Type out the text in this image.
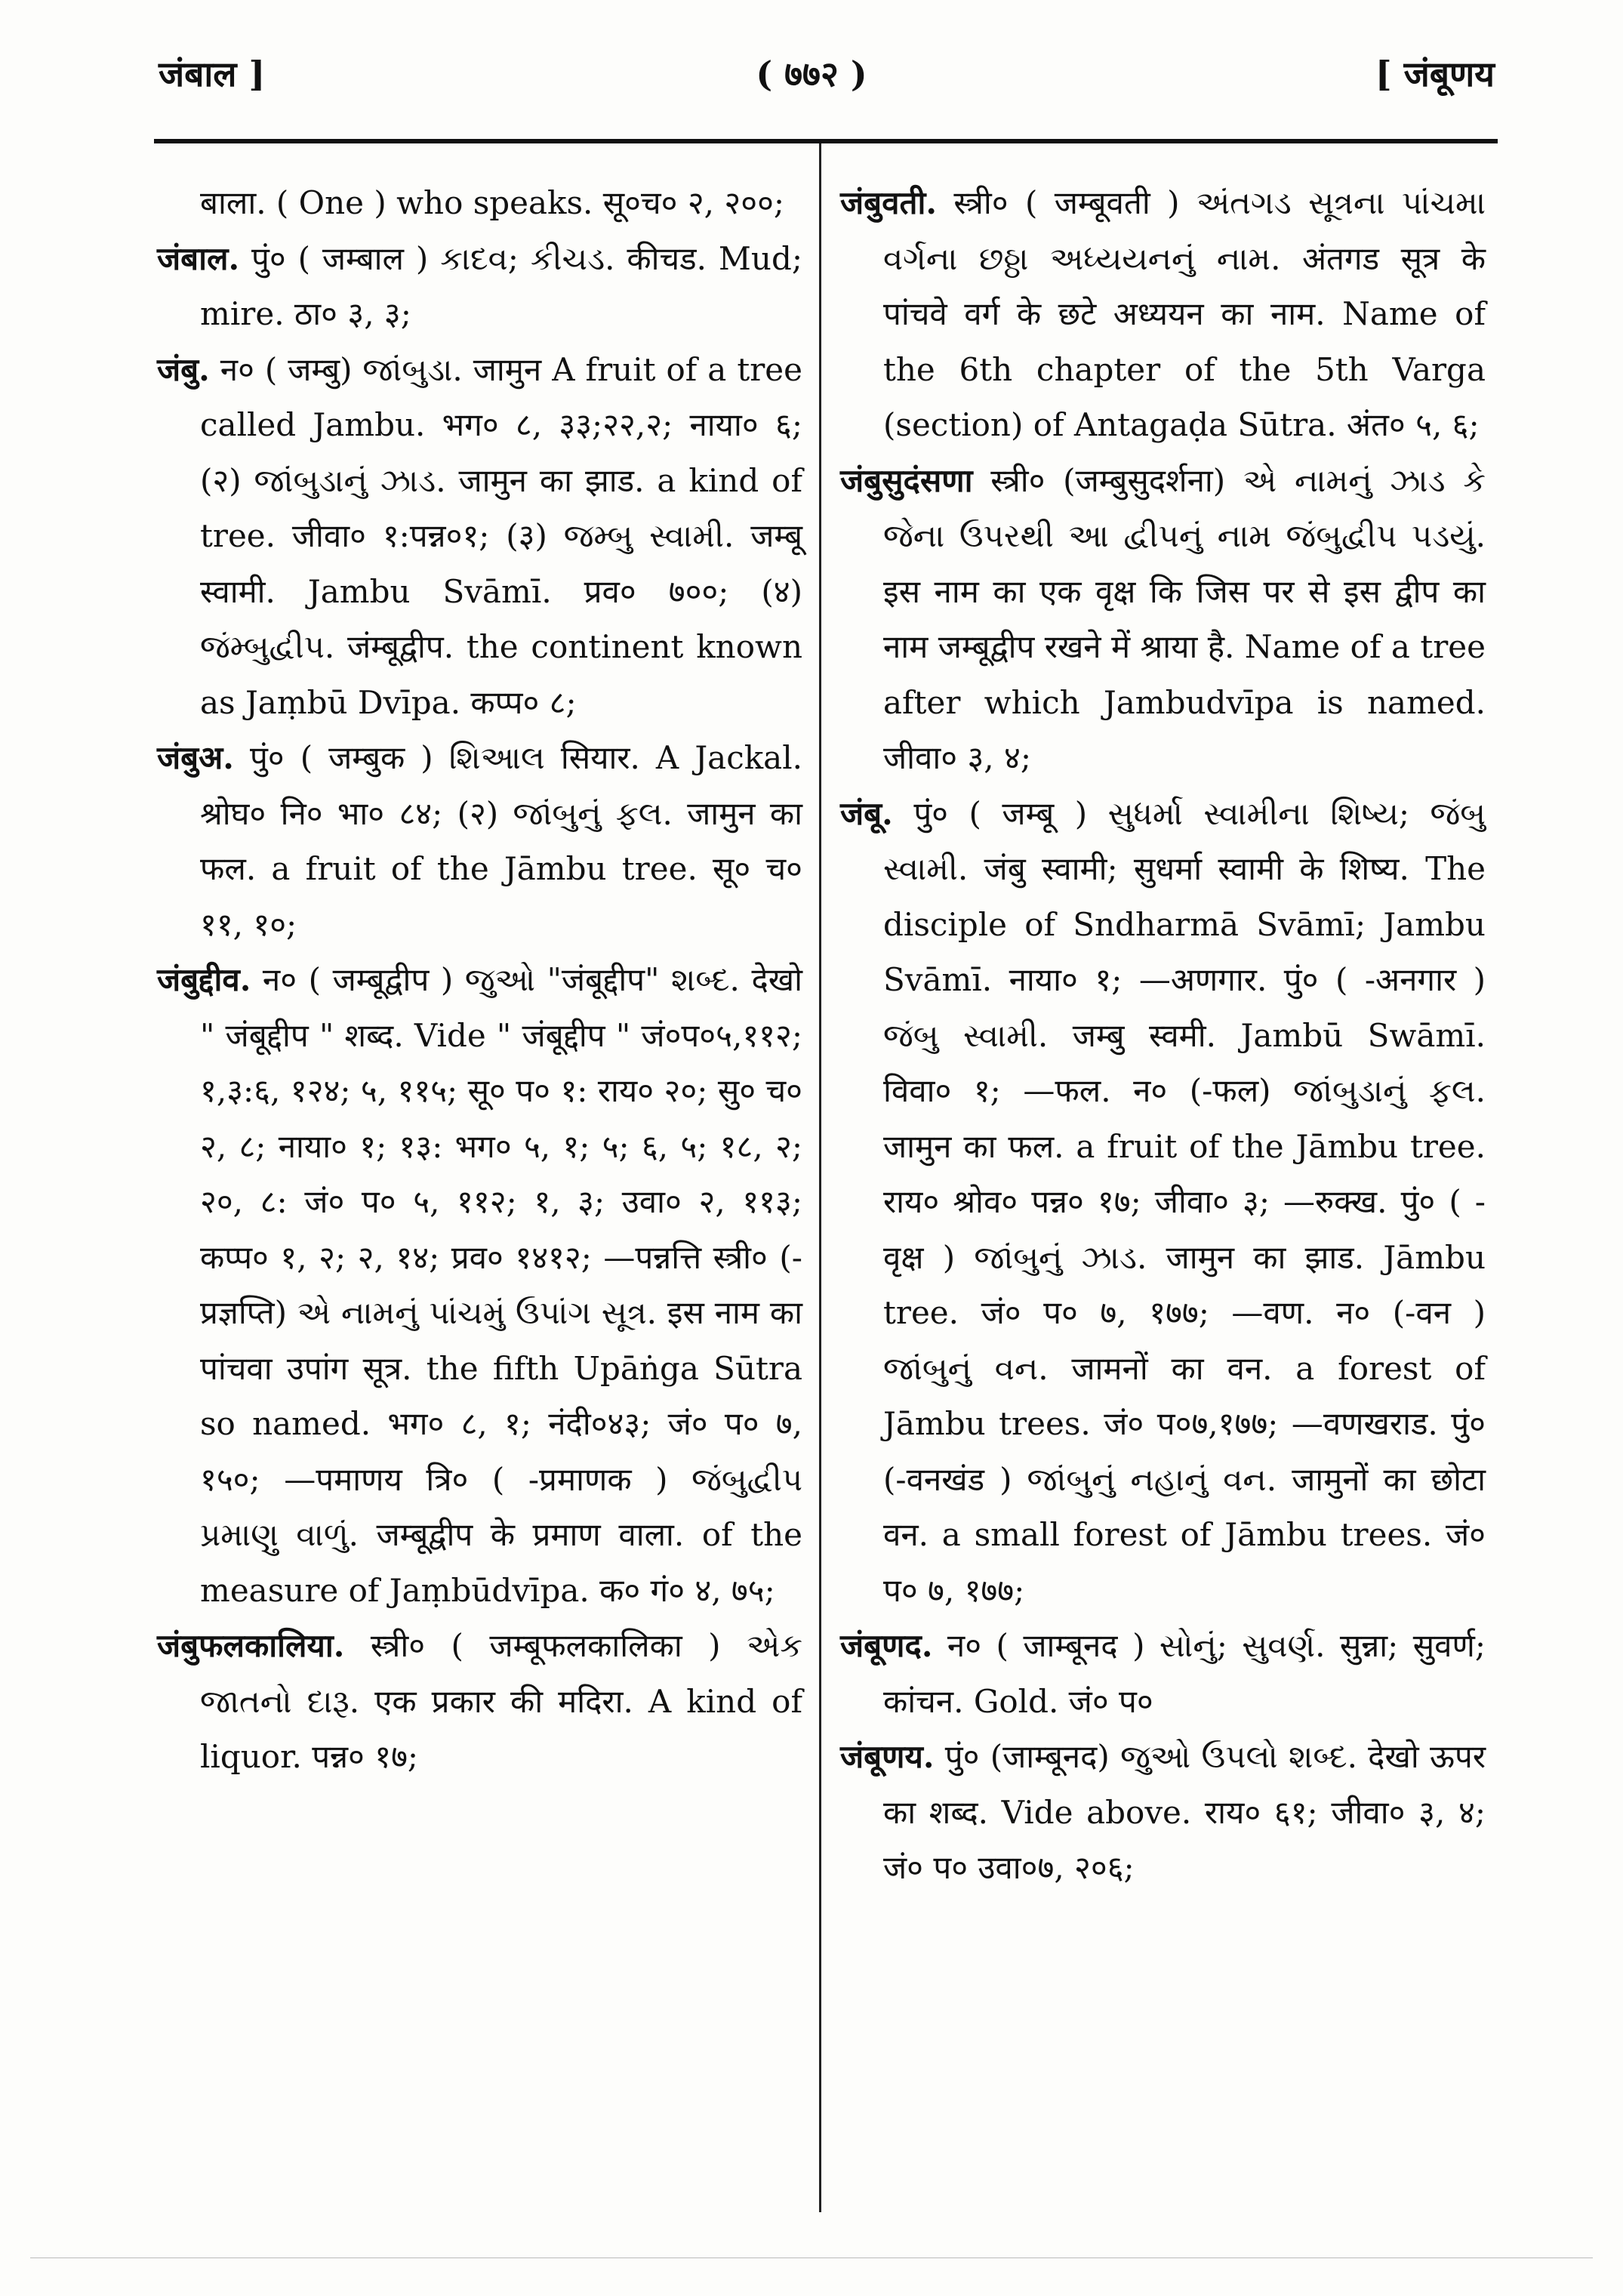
जंबाल ]	( ७७२ )	[ जंबूणय
बाला. ( One ) who speaks. सू०च० २, २००;
जंबाल. पुं० ( जम्बाल ) કાદવ; કીચડ. कीचड. Mud; mire. ठा० ३, ३;
जंबु. न० ( जम्बु) જાંબુડા. जामुन A fruit of a tree called Jambu. भग० ८, ३३;२२,२; नाया० ६; (२) જાંબુડાનું ઝાડ. जामुन का झाड. a kind of tree. जीवा० १:पन्न०१; (३) જમ્બુ સ્વામી. जम्बू स्वामी. Jambu Svāmī. प्रव० ७००; (४) જંમ્બુદ્વીપ. जंम्बूद्वीप. the continent known as Jaṃbū Dvīpa. कप्प० ८;
जंबुअ. पुं० ( जम्बुक ) શિઆલ सियार. A Jackal. श्रोघ० नि० भा० ८४; (२) જાંબુનું ફલ. जामुन का फल. a fruit of the Jāmbu tree. सू० च० ११, १०;
जंबुद्दीव. न० ( जम्बूद्वीप ) જુઓ "जंबूद्दीप" શબ્દ. देखो " जंबूद्दीप " शब्द. Vide " जंबूद्दीप " जं०प०५,११२; १,३:६, १२४; ५, ११५; सू० प० १: राय० २०; सु० च० २, ८; नाया० १; १३: भग० ५, १; ५; ६, ५; १८, २; २०, ८: जं० प० ५, ११२; १, ३; उवा० २, ११३; कप्प० १, २; २, १४; प्रव० १४१२; —पन्नत्ति स्त्री० (-प्रज्ञप्ति) એ નામનું પાંચમું ઉપાંગ સૂત્ર. इस नाम का पांचवा उपांग सूत्र. the fifth Upāṅga Sūtra so named. भग० ८, १; नंदी०४३; जं० प० ७, १५०; —पमाणय त्रि० ( -प्रमाणक ) જંબુદ્વીપ પ્રમાણુ વાળું. जम्बूद्वीप के प्रमाण वाला. of the measure of Jaṃbūdvīpa. क० गं० ४, ७५;
जंबुफलकालिया. स्त्री० ( जम्बूफलकालिका ) એક જાતનો દારૂ. एक प्रकार की मदिरा. A kind of liquor. पन्न० १७;
जंबुवती. स्त्री० ( जम्बूवती ) અંતગડ સૂત્રના પાંચમા વર્ગના છઠ્ઠા અધ્યયનનું નામ. अंतगड सूत्र के पांचवे वर्ग के छटे अध्ययन का नाम. Name of the 6th chapter of the 5th Varga (section) of Antagaḍa Sūtra. अंत० ५, ६;
जंबुसुदंसणा स्त्री० (जम्बुसुदर्शना) એ નામનું ઝાડ કે જેના ઉપરથી આ દ્વીપનું નામ જંબુદ્વીપ પડયું. इस नाम का एक वृक्ष कि जिस पर से इस द्वीप का नाम जम्बूद्वीप रखने में श्राया है. Name of a tree after which Jambudvīpa is named. जीवा० ३, ४;
जंबू. पुं० ( जम्बू ) સુધર્મા સ્વામીના શિષ્ય; જંબુ સ્વામી. जंबु स्वामी; सुधर्मा स्वामी के शिष्य. The disciple of Sndharmā Svāmī; Jambu Svāmī. नाया० १; —अणगार. पुं० ( -अनगार ) જંબુ સ્વામી. जम्बु स्वमी. Jambū Swāmī. विवा० १; —फल. न० (-फल) જાંબુડાનું ફલ. जामुन का फल. a fruit of the Jāmbu tree. राय० श्रोव० पन्न० १७; जीवा० ३; —रुक्ख. पुं० ( -वृक्ष ) જાંબુનું ઝાડ. जामुन का झाड. Jāmbu tree. जं० प० ७, १७७; —वण. न० (-वन ) જાંબુનું વન. जामनों का वन. a forest of Jāmbu trees. जं० प०७,१७७; —वणखराड. पुं० (-वनखंड ) જાંબુનું નહાનું વન. जामुनों का छोटा वन. a small forest of Jāmbu trees. जं० प० ७, १७७;
जंबूणद. न० ( जाम्बूनद ) સોનું; સુવર્ણ. सुन्ना; सुवर्ण; कांचन. Gold. जं० प०
जंबूणय. पुं० (जाम्बूनद) જુઓ ઉપલો શબ્દ. देखो ऊपर का शब्द. Vide above. राय० ६१; जीवा० ३, ४; जं० प० उवा०७, २०६;
